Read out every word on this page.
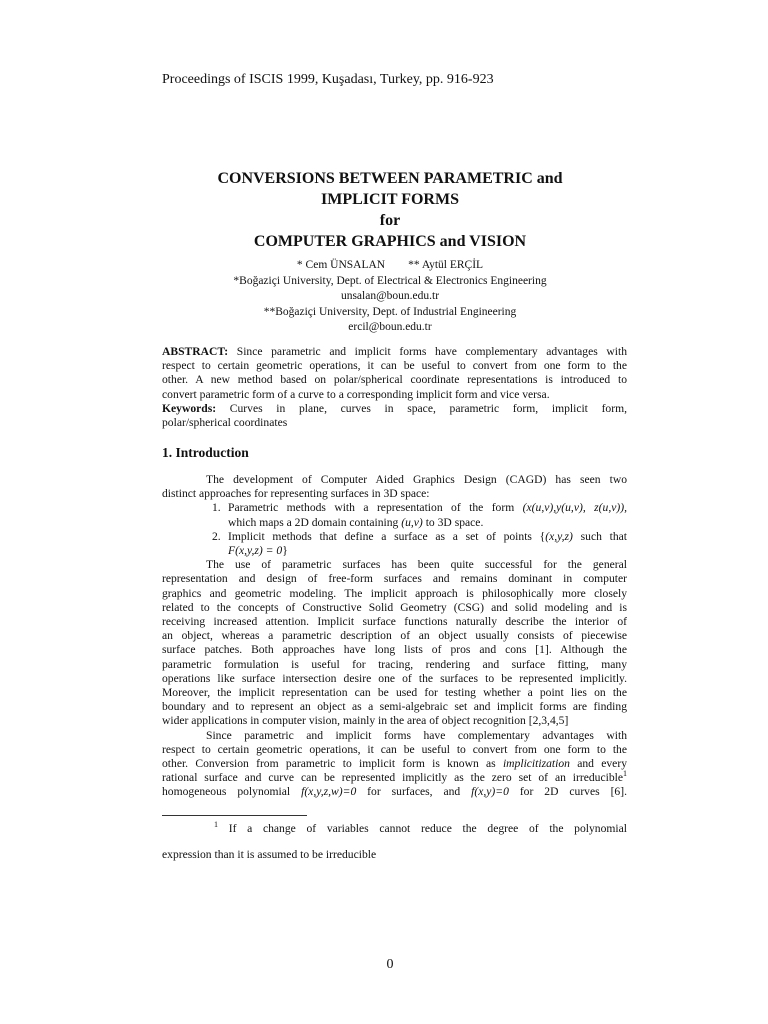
Proceedings of ISCIS 1999, Kuşadası, Turkey, pp. 916-923
CONVERSIONS BETWEEN PARAMETRIC and
IMPLICIT FORMS
for
COMPUTER GRAPHICS and VISION
* Cem ÜNSALAN        ** Aytül ERÇİL
*Boğaziçi University, Dept. of Electrical & Electronics Engineering
unsalan@boun.edu.tr
**Boğaziçi University, Dept. of Industrial Engineering
ercil@boun.edu.tr
ABSTRACT: Since parametric and implicit forms have complementary advantages with
respect to certain geometric operations, it can be useful to convert from one form to the
other. A new method based on polar/spherical coordinate representations is introduced to
convert parametric form of a curve to a corresponding implicit form and vice versa.
Keywords: Curves in plane, curves in space, parametric form, implicit form,
polar/spherical coordinates
1. Introduction
The development of Computer Aided Graphics Design (CAGD) has seen two
distinct approaches for representing surfaces in 3D space:
1. Parametric methods with a representation of the form (x(u,v),y(u,v), z(u,v)),
which maps a 2D domain containing (u,v) to 3D space.
2. Implicit methods that define a surface as a set of points {(x,y,z) such that
F(x,y,z) = 0}
The use of parametric surfaces has been quite successful for the general
representation and design of free-form surfaces and remains dominant in computer
graphics and geometric modeling. The implicit approach is philosophically more closely
related to the concepts of Constructive Solid Geometry (CSG) and solid modeling and is
receiving increased attention. Implicit surface functions naturally describe the interior of
an object, whereas a parametric description of an object usually consists of piecewise
surface patches. Both approaches have long lists of pros and cons [1]. Although the
parametric formulation is useful for tracing, rendering and surface fitting, many
operations like surface intersection desire one of the surfaces to be represented implicitly.
Moreover, the implicit representation can be used for testing whether a point lies on the
boundary and to represent an object as a semi-algebraic set and implicit forms are finding
wider applications in computer vision, mainly in the area of object recognition [2,3,4,5]
Since parametric and implicit forms have complementary advantages with
respect to certain geometric operations, it can be useful to convert from one form to the
other. Conversion from parametric to implicit form is known as implicitization and every
rational surface and curve can be represented implicitly as the zero set of an irreducible$^1$
homogeneous polynomial f(x,y,z,w)=0 for surfaces, and f(x,y)=0 for 2D curves [6].
$^1$ If a change of variables cannot reduce the degree of the polynomial
expression than it is assumed to be irreducible
0
